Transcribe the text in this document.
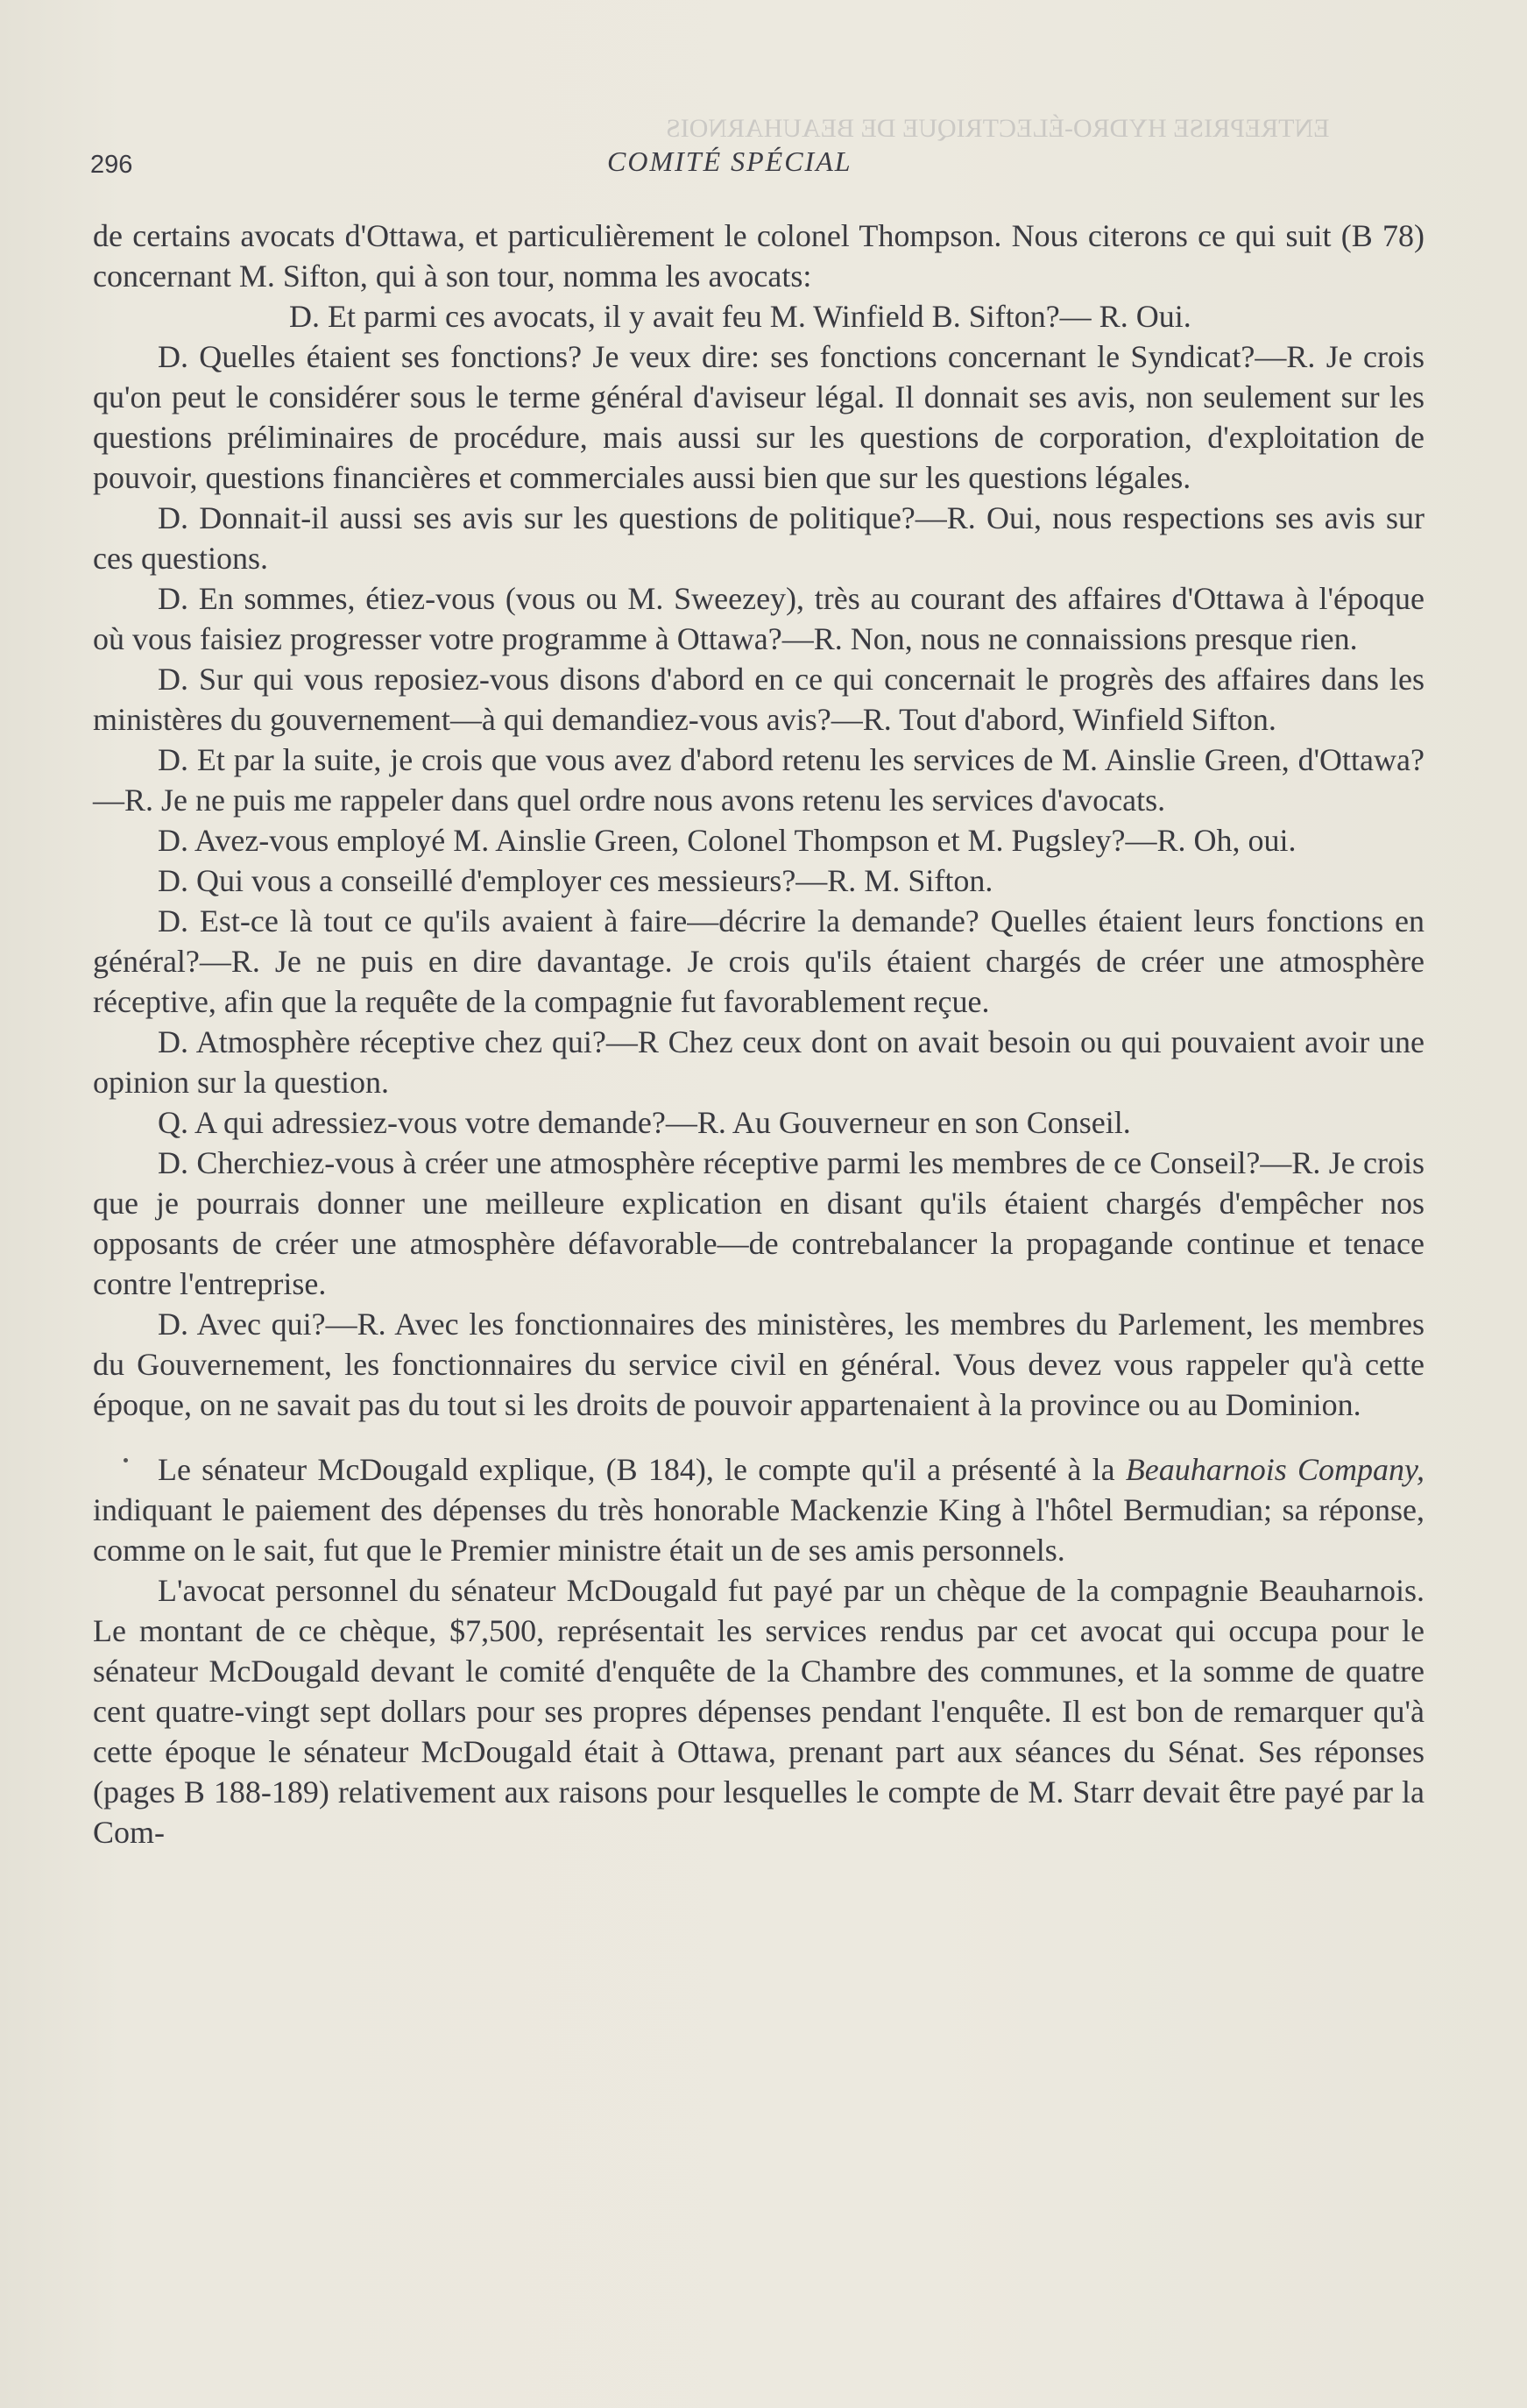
ENTREPRISE HYDRO-ÉLECTRIQUE DE BEAUHARNOIS
296	COMITÉ SPÉCIAL

de certains avocats d'Ottawa, et particulièrement le colonel Thompson. Nous citerons ce qui suit (B 78) concernant M. Sifton, qui à son tour, nomma les avocats:

D. Et parmi ces avocats, il y avait feu M. Winfield B. Sifton?— R. Oui.

D. Quelles étaient ses fonctions? Je veux dire: ses fonctions concernant le Syndicat?—R. Je crois qu'on peut le considérer sous le terme général d'aviseur légal. Il donnait ses avis, non seulement sur les questions préliminaires de procédure, mais aussi sur les questions de corporation, d'exploitation de pouvoir, questions financières et commerciales aussi bien que sur les questions légales.

D. Donnait-il aussi ses avis sur les questions de politique?—R. Oui, nous respections ses avis sur ces questions.

D. En sommes, étiez-vous (vous ou M. Sweezey), très au courant des affaires d'Ottawa à l'époque où vous faisiez progresser votre programme à Ottawa?—R. Non, nous ne connaissions presque rien.

D. Sur qui vous reposiez-vous disons d'abord en ce qui concernait le progrès des affaires dans les ministères du gouvernement—à qui demandiez-vous avis?—R. Tout d'abord, Winfield Sifton.

D. Et par la suite, je crois que vous avez d'abord retenu les services de M. Ainslie Green, d'Ottawa?—R. Je ne puis me rappeler dans quel ordre nous avons retenu les services d'avocats.

D. Avez-vous employé M. Ainslie Green, Colonel Thompson et M. Pugsley?—R. Oh, oui.

D. Qui vous a conseillé d'employer ces messieurs?—R. M. Sifton.

D. Est-ce là tout ce qu'ils avaient à faire—décrire la demande? Quelles étaient leurs fonctions en général?—R. Je ne puis en dire davantage. Je crois qu'ils étaient chargés de créer une atmosphère réceptive, afin que la requête de la compagnie fut favorablement reçue.

D. Atmosphère réceptive chez qui?—R Chez ceux dont on avait besoin ou qui pouvaient avoir une opinion sur la question.

Q. A qui adressiez-vous votre demande?—R. Au Gouverneur en son Conseil.

D. Cherchiez-vous à créer une atmosphère réceptive parmi les membres de ce Conseil?—R. Je crois que je pourrais donner une meilleure explication en disant qu'ils étaient chargés d'empêcher nos opposants de créer une atmosphère défavorable—de contrebalancer la propagande continue et tenace contre l'entreprise.

D. Avec qui?—R. Avec les fonctionnaires des ministères, les membres du Parlement, les membres du Gouvernement, les fonctionnaires du service civil en général. Vous devez vous rappeler qu'à cette époque, on ne savait pas du tout si les droits de pouvoir appartenaient à la province ou au Dominion.

Le sénateur McDougald explique, (B 184), le compte qu'il a présenté à la Beauharnois Company, indiquant le paiement des dépenses du très honorable Mackenzie King à l'hôtel Bermudian; sa réponse, comme on le sait, fut que le Premier ministre était un de ses amis personnels.

L'avocat personnel du sénateur McDougald fut payé par un chèque de la compagnie Beauharnois. Le montant de ce chèque, $7,500, représentait les services rendus par cet avocat qui occupa pour le sénateur McDougald devant le comité d'enquête de la Chambre des communes, et la somme de quatre cent quatre-vingt sept dollars pour ses propres dépenses pendant l'enquête. Il est bon de remarquer qu'à cette époque le sénateur McDougald était à Ottawa, prenant part aux séances du Sénat. Ses réponses (pages B 188-189) relativement aux raisons pour lesquelles le compte de M. Starr devait être payé par la Com-
